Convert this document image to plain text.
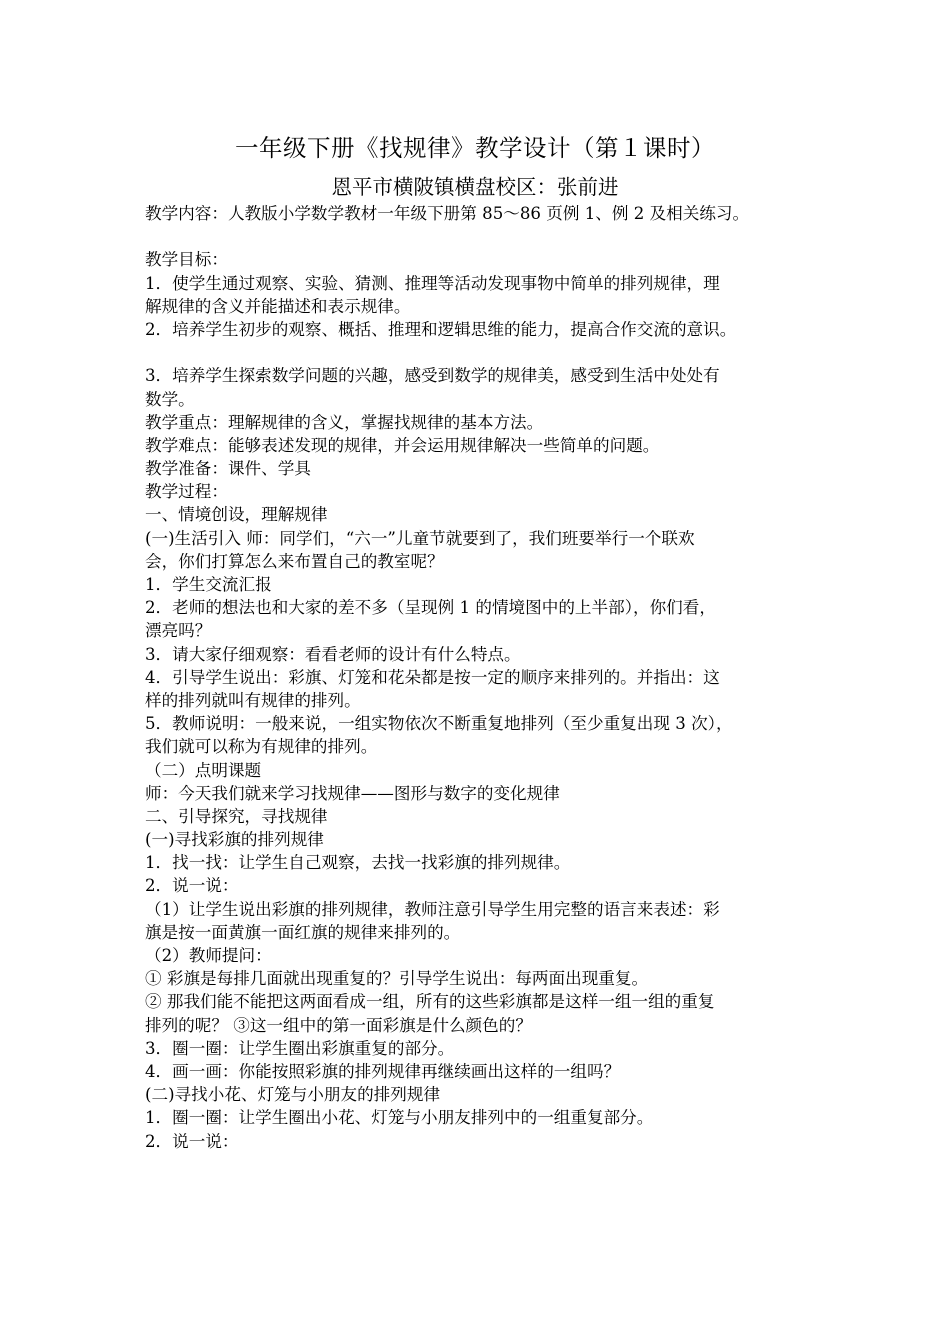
一年级下册《找规律》教学设计（第１课时）
恩平市横陂镇横盘校区：张前进
教学内容：人教版小学数学教材一年级下册第 85～86 页例 1、例 2 及相关练习。
教学目标：
1．使学生通过观察、实验、猜测、推理等活动发现事物中简单的排列规律，理
解规律的含义并能描述和表示规律。
2．培养学生初步的观察、概括、推理和逻辑思维的能力，提高合作交流的意识。
3．培养学生探索数学问题的兴趣，感受到数学的规律美，感受到生活中处处有
数学。
教学重点：理解规律的含义，掌握找规律的基本方法。
教学难点：能够表述发现的规律，并会运用规律解决一些简单的问题。
教学准备：课件、学具
教学过程：
一、情境创设，理解规律
(一)生活引入 师：同学们，“六一”儿童节就要到了，我们班要举行一个联欢
会，你们打算怎么来布置自己的教室呢？
1．学生交流汇报
2．老师的想法也和大家的差不多（呈现例 1 的情境图中的上半部），你们看，
漂亮吗？
3．请大家仔细观察：看看老师的设计有什么特点。
4．引导学生说出：彩旗、灯笼和花朵都是按一定的顺序来排列的。并指出：这
样的排列就叫有规律的排列。
5．教师说明：一般来说，一组实物依次不断重复地排列（至少重复出现 3 次），
我们就可以称为有规律的排列。
（二）点明课题
师：今天我们就来学习找规律——图形与数字的变化规律
二、引导探究，寻找规律
(一)寻找彩旗的排列规律
1．找一找：让学生自己观察，去找一找彩旗的排列规律。
2．说一说：
（1）让学生说出彩旗的排列规律，教师注意引导学生用完整的语言来表述：彩
旗是按一面黄旗一面红旗的规律来排列的。
（2）教师提问：
① 彩旗是每排几面就出现重复的？引导学生说出：每两面出现重复。
② 那我们能不能把这两面看成一组，所有的这些彩旗都是这样一组一组的重复
排列的呢？ ③这一组中的第一面彩旗是什么颜色的？
3．圈一圈：让学生圈出彩旗重复的部分。
4．画一画：你能按照彩旗的排列规律再继续画出这样的一组吗？
(二)寻找小花、灯笼与小朋友的排列规律
1．圈一圈：让学生圈出小花、灯笼与小朋友排列中的一组重复部分。
2．说一说：
